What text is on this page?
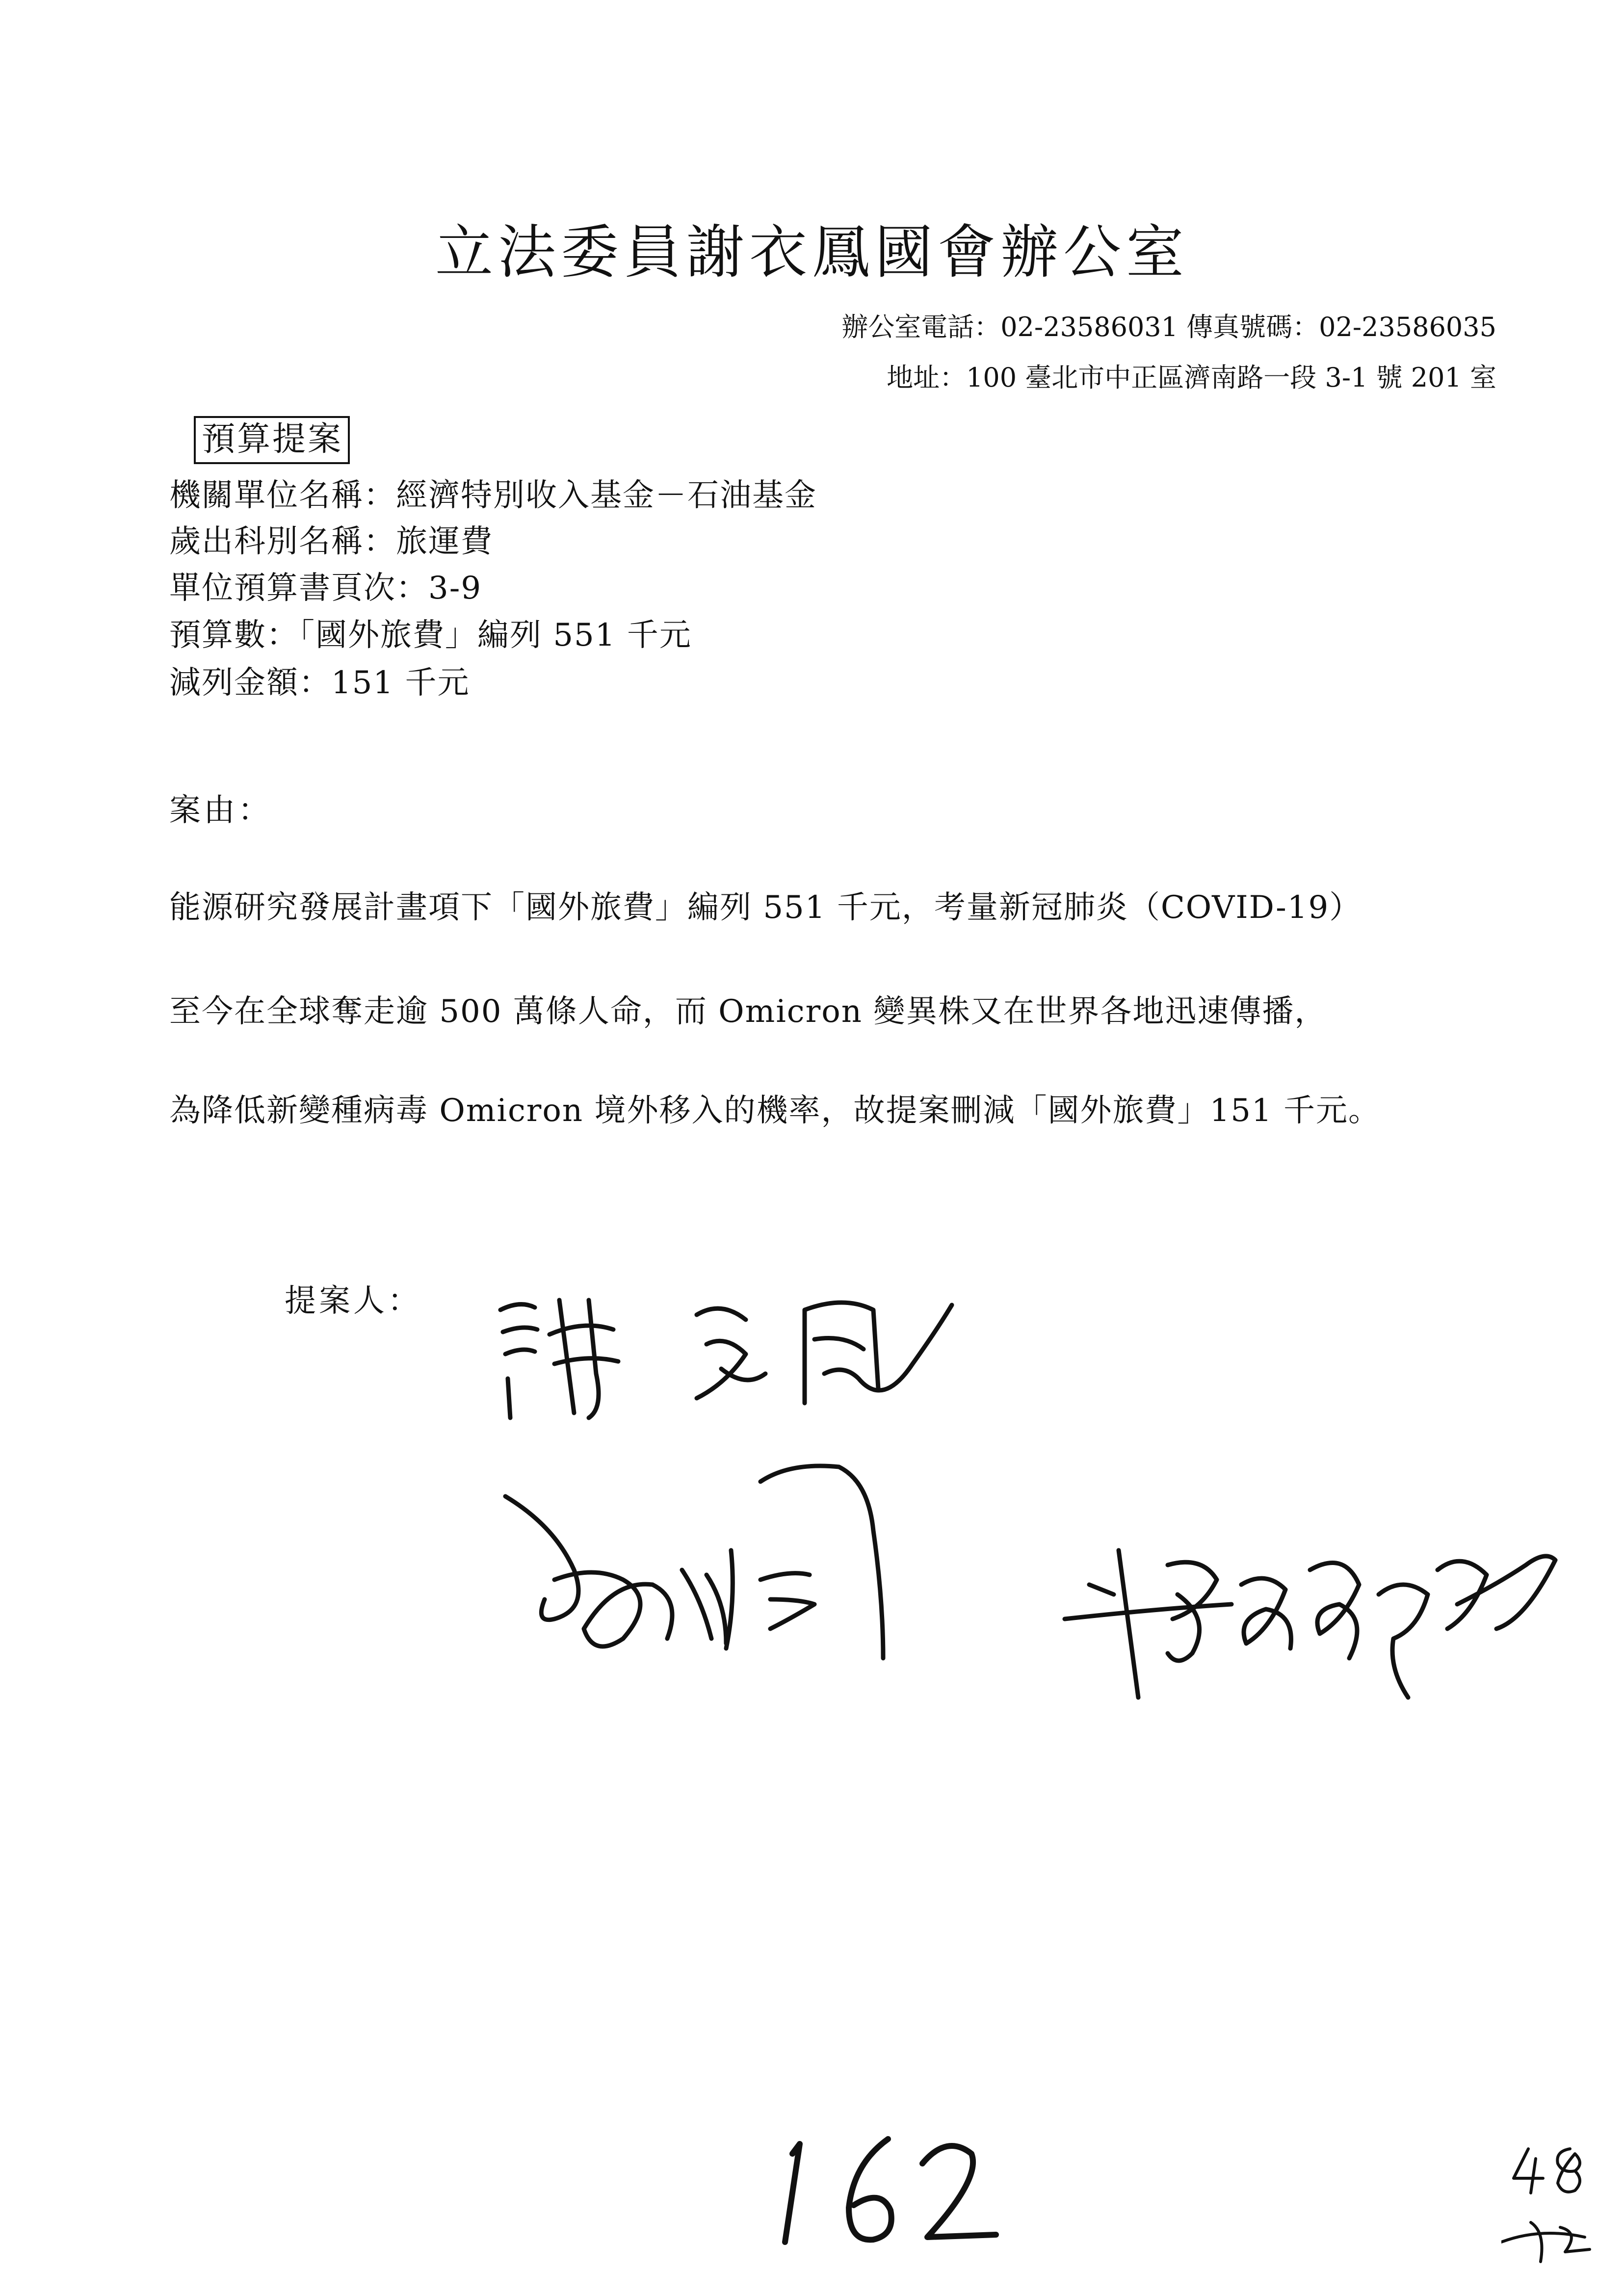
立法委員謝衣鳳國會辦公室
辦公室電話：02-23586031 傳真號碼：02-23586035
地址：100 臺北市中正區濟南路一段 3-1 號 201 室
預算提案
機關單位名稱：經濟特別收入基金－石油基金
歲出科別名稱：旅運費
單位預算書頁次：3-9
預算數：「國外旅費」編列 551 千元
減列金額：151 千元
案由：
能源研究發展計畫項下「國外旅費」編列 551 千元，考量新冠肺炎（COVID-19）
至今在全球奪走逾 500 萬條人命，而 Omicron 變異株又在世界各地迅速傳播，
為降低新變種病毒 Omicron 境外移入的機率，故提案刪減「國外旅費」151 千元。
提案人：
